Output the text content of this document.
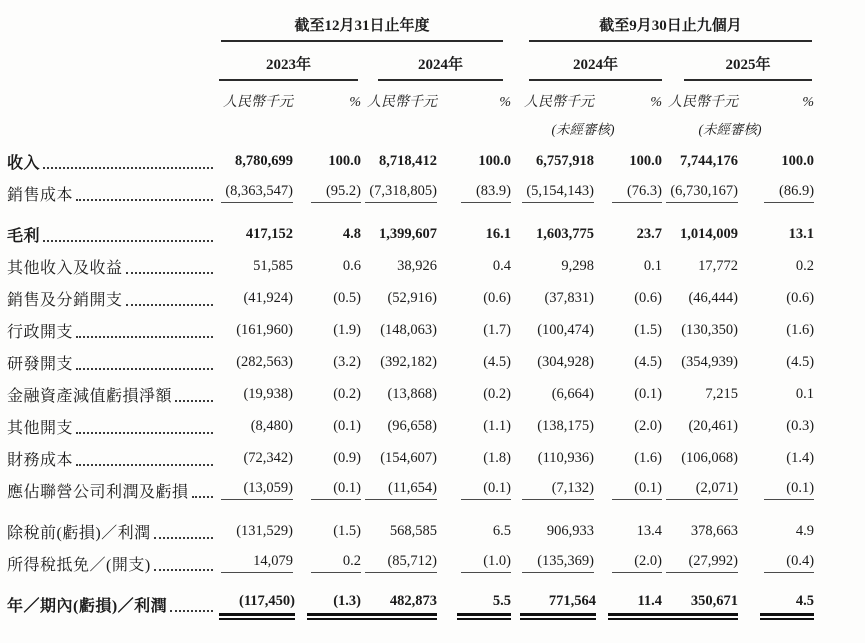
	截至12月31日止年度					截至9月30日止九個月			

	2023年		2024年			2024年		2025年	

	人民幣千元	%	人民幣千元	%		人民幣千元	%	人民幣千元	%
						(未經審核)		(未經審核)	

收入	8,780,699	100.0	8,718,412	100.0		6,757,918	100.0	7,744,176	100.0

銷售成本	(8,363,547)	(95.2)	(7,318,805)	(83.9)		(5,154,143)	(76.3)	(6,730,167)	(86.9)

毛利	417,152	4.8	1,399,607	16.1		1,603,775	23.7	1,014,009	13.1

其他收入及收益	51,585	0.6	38,926	0.4		9,298	0.1	17,772	0.2

銷售及分銷開支	(41,924)	(0.5)	(52,916)	(0.6)		(37,831)	(0.6)	(46,444)	(0.6)

行政開支	(161,960)	(1.9)	(148,063)	(1.7)		(100,474)	(1.5)	(130,350)	(1.6)

研發開支	(282,563)	(3.2)	(392,182)	(4.5)		(304,928)	(4.5)	(354,939)	(4.5)

金融資產減值虧損淨額	(19,938)	(0.2)	(13,868)	(0.2)		(6,664)	(0.1)	7,215	0.1

其他開支	(8,480)	(0.1)	(96,658)	(1.1)		(138,175)	(2.0)	(20,461)	(0.3)

財務成本	(72,342)	(0.9)	(154,607)	(1.8)		(110,936)	(1.6)	(106,068)	(1.4)

應佔聯營公司利潤及虧損	(13,059)	(0.1)	(11,654)	(0.1)		(7,132)	(0.1)	(2,071)	(0.1)

除稅前(虧損)／利潤	(131,529)	(1.5)	568,585	6.5		906,933	13.4	378,663	4.9

所得稅抵免／(開支)	14,079	0.2	(85,712)	(1.0)		(135,369)	(2.0)	(27,992)	(0.4)

年／期內(虧損)／利潤	(117,450)	(1.3)	482,873	5.5		771,564	11.4	350,671	4.5
